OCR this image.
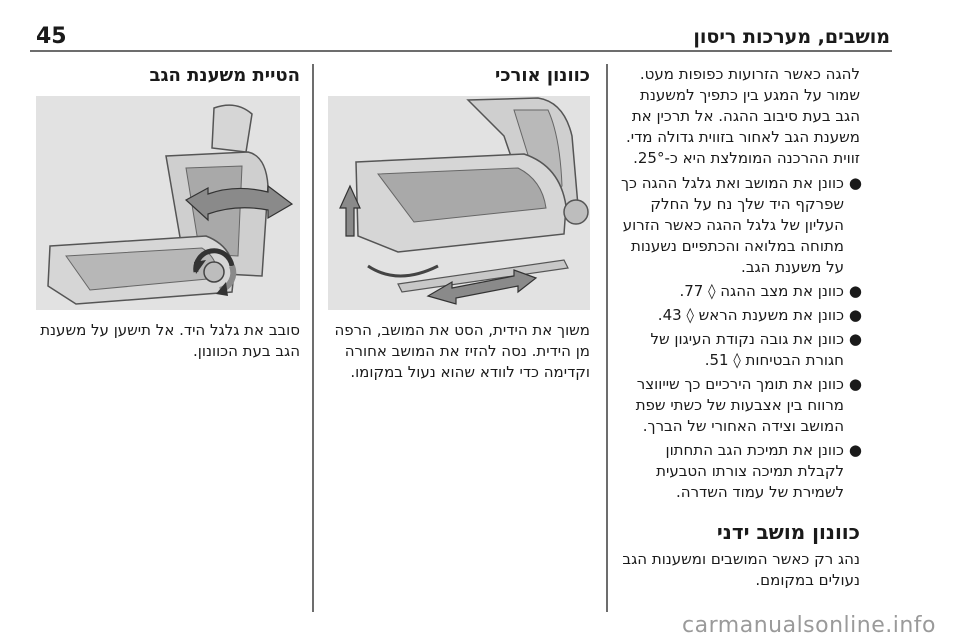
45	מושבים, מערכות ריסון

להגה כאשר הזרועות כפופות מעט. שמור על המגע בין כתפיך למשענת הגב בעת סיבוב ההגה. אל תרכין את משענת הגב לאחור בזווית גדולה מדי. זווית ההרכנה המומלצת היא כ-25°.

●
כוונן את המושב ואת גלגל ההגה כך שפרקף היד שלך נח על החלק העליון של גלגל ההגה כאשר הזרוע מתוחה במלואה והכתפיים נשענות על משענת הגב.
●
כוונן את מצב ההגה ◊ 77.
●
כוונן את משענת הראש ◊ 43.
●
כוונן את גובה נקודת העיגון של חגורת הבטיחות ◊ 51.
●
כוונן את תומך הירכיים כך שייווצר מרווח בין אצבעות של כשתי שפת המושב וצידה האחורי של הברך.
●
כוונן את תמיכת הגב התחתון לקבלת תמיכה צורתו הטבעית לשמירת של עמוד השדרה.
כוונון מושב ידני

נהג רק כאשר המושבים ומשענות הגב נעולים במקומם.

כוונון אורכי

משוך את הידית, הסט את המושב, הרפה מן הידית. נסה להזיז את המושב אחורה וקדימה כדי לוודא שהוא נעול במקומו.

הטיית משענת הגב

סובב את גלגל היד. אל תישען על משענת הגב בעת הכוונון.

carmanualsonline.info
